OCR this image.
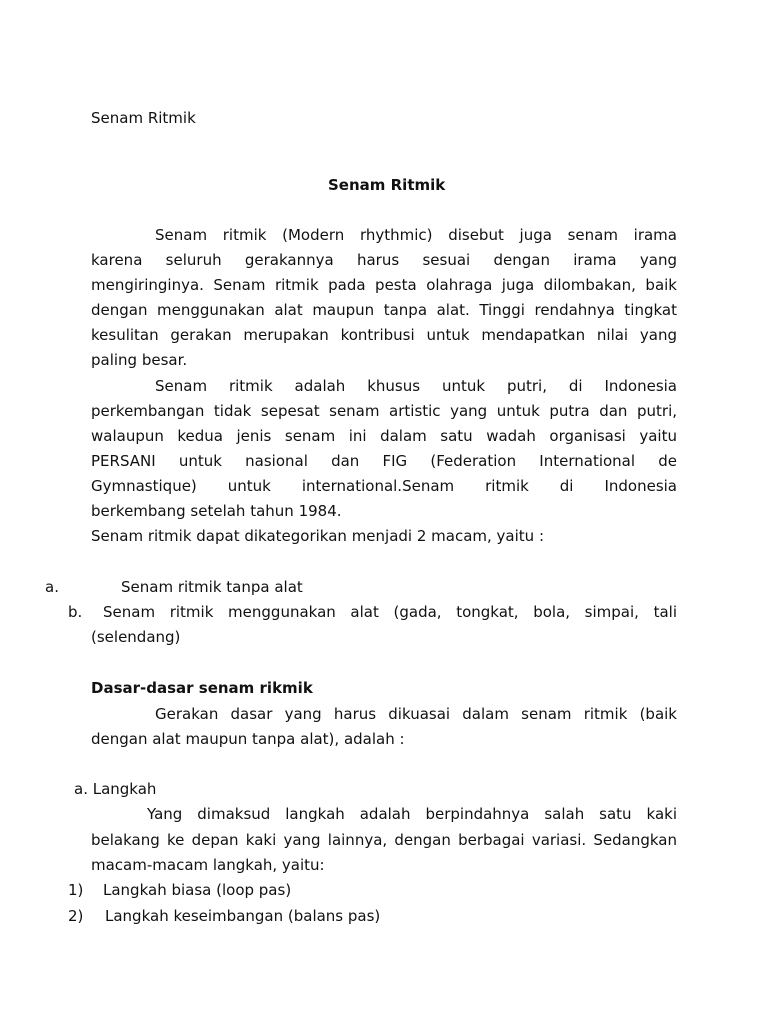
Senam Ritmik
Senam Ritmik
Senam ritmik (Modern rhythmic) disebut juga senam irama
karena seluruh gerakannya harus sesuai dengan irama yang
mengiringinya. Senam ritmik pada pesta olahraga juga dilombakan, baik
dengan menggunakan alat maupun tanpa alat. Tinggi rendahnya tingkat
kesulitan gerakan merupakan kontribusi untuk mendapatkan nilai yang
paling besar.
Senam ritmik adalah khusus untuk putri, di Indonesia
perkembangan tidak sepesat senam artistic yang untuk putra dan putri,
walaupun kedua jenis senam ini dalam satu wadah organisasi yaitu
PERSANI untuk nasional dan FIG (Federation International de
Gymnastique) untuk international.Senam ritmik di Indonesia
berkembang setelah tahun 1984.
Senam ritmik dapat dikategorikan menjadi 2 macam, yaitu :
a.	Senam ritmik tanpa alat
b. Senam ritmik menggunakan alat (gada, tongkat, bola, simpai, tali
(selendang)
Dasar-dasar senam rikmik
Gerakan dasar yang harus dikuasai dalam senam ritmik (baik
dengan alat maupun tanpa alat), adalah :
a. Langkah
Yang dimaksud langkah adalah berpindahnya salah satu kaki
belakang ke depan kaki yang lainnya, dengan berbagai variasi. Sedangkan
macam-macam langkah, yaitu:
1) Langkah biasa (loop pas)
2) Langkah keseimbangan (balans pas)
